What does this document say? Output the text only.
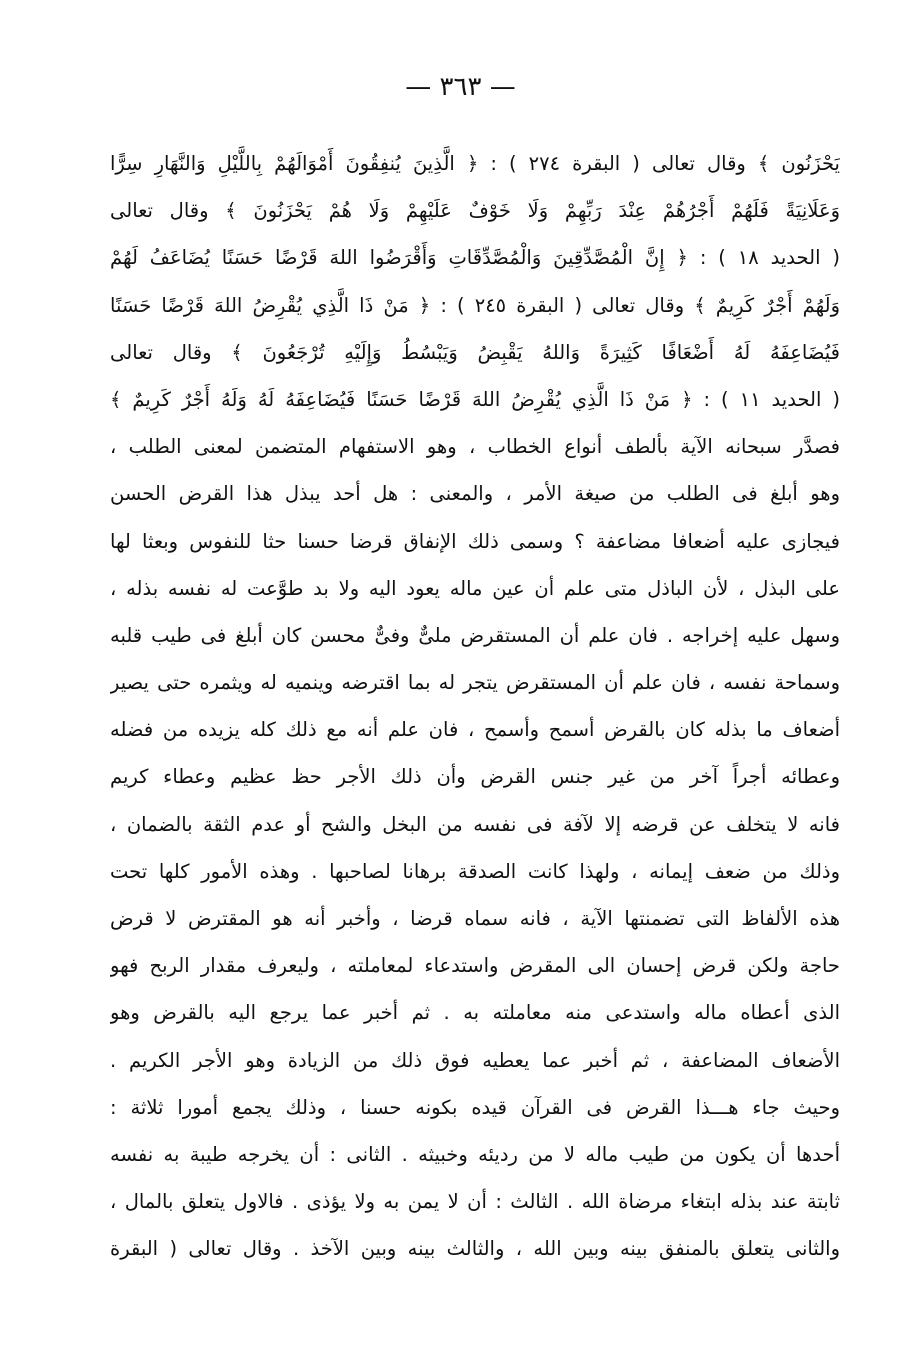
— ٣٦٣ —
يَحْزَنُون ﴾ وقال تعالى ( البقرة ٢٧٤ ) : ﴿ الَّذِينَ يُنفِقُونَ أَمْوَالَهُمْ بِاللَّيْلِ وَالنَّهَارِ سِرًّا
وَعَلَانِيَةً فَلَهُمْ أَجْرُهُمْ عِنْدَ رَبِّهِمْ وَلَا خَوْفٌ عَلَيْهِمْ وَلَا هُمْ يَحْزَنُونَ ﴾ وقال تعالى
( الحديد ١٨ ) : ﴿ إِنَّ الْمُصَّدِّقِينَ وَالْمُصَّدِّقَاتِ وَأَقْرَضُوا اللهَ قَرْضًا حَسَنًا يُضَاعَفُ لَهُمْ
وَلَهُمْ أَجْرٌ كَرِيمٌ ﴾ وقال تعالى ( البقرة ٢٤٥ ) : ﴿ مَنْ ذَا الَّذِي يُقْرِضُ اللهَ قَرْضًا حَسَنًا
فَيُضَاعِفَهُ لَهُ أَضْعَافًا كَثِيرَةً وَاللهُ يَقْبِضُ وَيَبْسُطُ وَإِلَيْهِ تُرْجَعُونَ ﴾ وقال تعالى
( الحديد ١١ ) : ﴿ مَنْ ذَا الَّذِي يُقْرِضُ اللهَ قَرْضًا حَسَنًا فَيُضَاعِفَهُ لَهُ وَلَهُ أَجْرٌ كَرِيمٌ ﴾
فصدَّر سبحانه الآية بألطف أنواع الخطاب ، وهو الاستفهام المتضمن لمعنى الطلب ،
وهو أبلغ فى الطلب من صيغة الأمر ، والمعنى : هل أحد يبذل هذا القرض الحسن
فيجازى عليه أضعافا مضاعفة ؟ وسمى ذلك الإنفاق قرضا حسنا حثا للنفوس وبعثا لها
على البذل ، لأن الباذل متى علم أن عين ماله يعود اليه ولا بد طوَّعت له نفسه بذله ،
وسهل عليه إخراجه . فان علم أن المستقرض ملىٌّ وفىٌّ محسن كان أبلغ فى طيب قلبه
وسماحة نفسه ، فان علم أن المستقرض يتجر له بما اقترضه وينميه له ويثمره حتى يصير
أضعاف ما بذله كان بالقرض أسمح وأسمح ، فان علم أنه مع ذلك كله يزيده من فضله
وعطائه أجراً آخر من غير جنس القرض وأن ذلك الأجر حظ عظيم وعطاء كريم
فانه لا يتخلف عن قرضه إلا لآفة فى نفسه من البخل والشح أو عدم الثقة بالضمان ،
وذلك من ضعف إيمانه ، ولهذا كانت الصدقة برهانا لصاحبها . وهذه الأمور كلها تحت
هذه الألفاظ التى تضمنتها الآية ، فانه سماه قرضا ، وأخبر أنه هو المقترض لا قرض
حاجة ولكن قرض إحسان الى المقرض واستدعاء لمعاملته ، وليعرف مقدار الربح فهو
الذى أعطاه ماله واستدعى منه معاملته به . ثم أخبر عما يرجع اليه بالقرض وهو
الأضعاف المضاعفة ، ثم أخبر عما يعطيه فوق ذلك من الزيادة وهو الأجر الكريم .
وحيث جاء هـــذا القرض فى القرآن قيده بكونه حسنا ، وذلك يجمع أمورا ثلاثة :
أحدها أن يكون من طيب ماله لا من رديئه وخبيثه . الثانى : أن يخرجه طيبة به نفسه
ثابتة عند بذله ابتغاء مرضاة الله . الثالث : أن لا يمن به ولا يؤذى . فالاول يتعلق بالمال ،
والثانى يتعلق بالمنفق بينه وبين الله ، والثالث بينه وبين الآخذ . وقال تعالى ( البقرة
